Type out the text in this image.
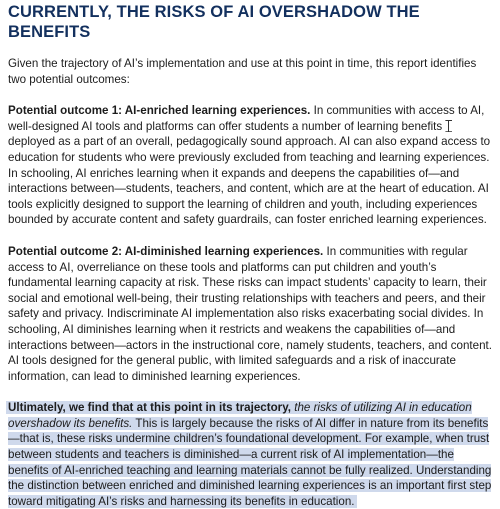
CURRENTLY, THE RISKS OF AI OVERSHADOW THE BENEFITS

Given the trajectory of AI’s implementation and use at this point in time, this report identifies two potential outcomes:

Potential outcome 1: AI-enriched learning experiences. In communities with access to AI, well-designed AI tools and platforms can offer students a number of learning benefits deployed as a part of an overall, pedagogically sound approach. AI can also expand access to education for students who were previously excluded from teaching and learning experiences. In schooling, AI enriches learning when it expands and deepens the capabilities of—and interactions between—students, teachers, and content, which are at the heart of education. AI tools explicitly designed to support the learning of children and youth, including experiences bounded by accurate content and safety guardrails, can foster enriched learning experiences.

Potential outcome 2: AI-diminished learning experiences. In communities with regular access to AI, overreliance on these tools and platforms can put children and youth’s fundamental learning capacity at risk. These risks can impact students’ capacity to learn, their social and emotional well-being, their trusting relationships with teachers and peers, and their safety and privacy. Indiscriminate AI implementation also risks exacerbating social divides. In schooling, AI diminishes learning when it restricts and weakens the capabilities of—and interactions between—actors in the instructional core, namely students, teachers, and content. AI tools designed for the general public, with limited safeguards and a risk of inaccurate information, can lead to diminished learning experiences.

Ultimately, we find that at this point in its trajectory, the risks of utilizing AI in education overshadow its benefits. This is largely because the risks of AI differ in nature from its benefits—that is, these risks undermine children’s foundational development. For example, when trust between students and teachers is diminished—a current risk of AI implementation—the benefits of AI-enriched teaching and learning materials cannot be fully realized. Understanding the distinction between enriched and diminished learning experiences is an important first step toward mitigating AI’s risks and harnessing its benefits in education.
